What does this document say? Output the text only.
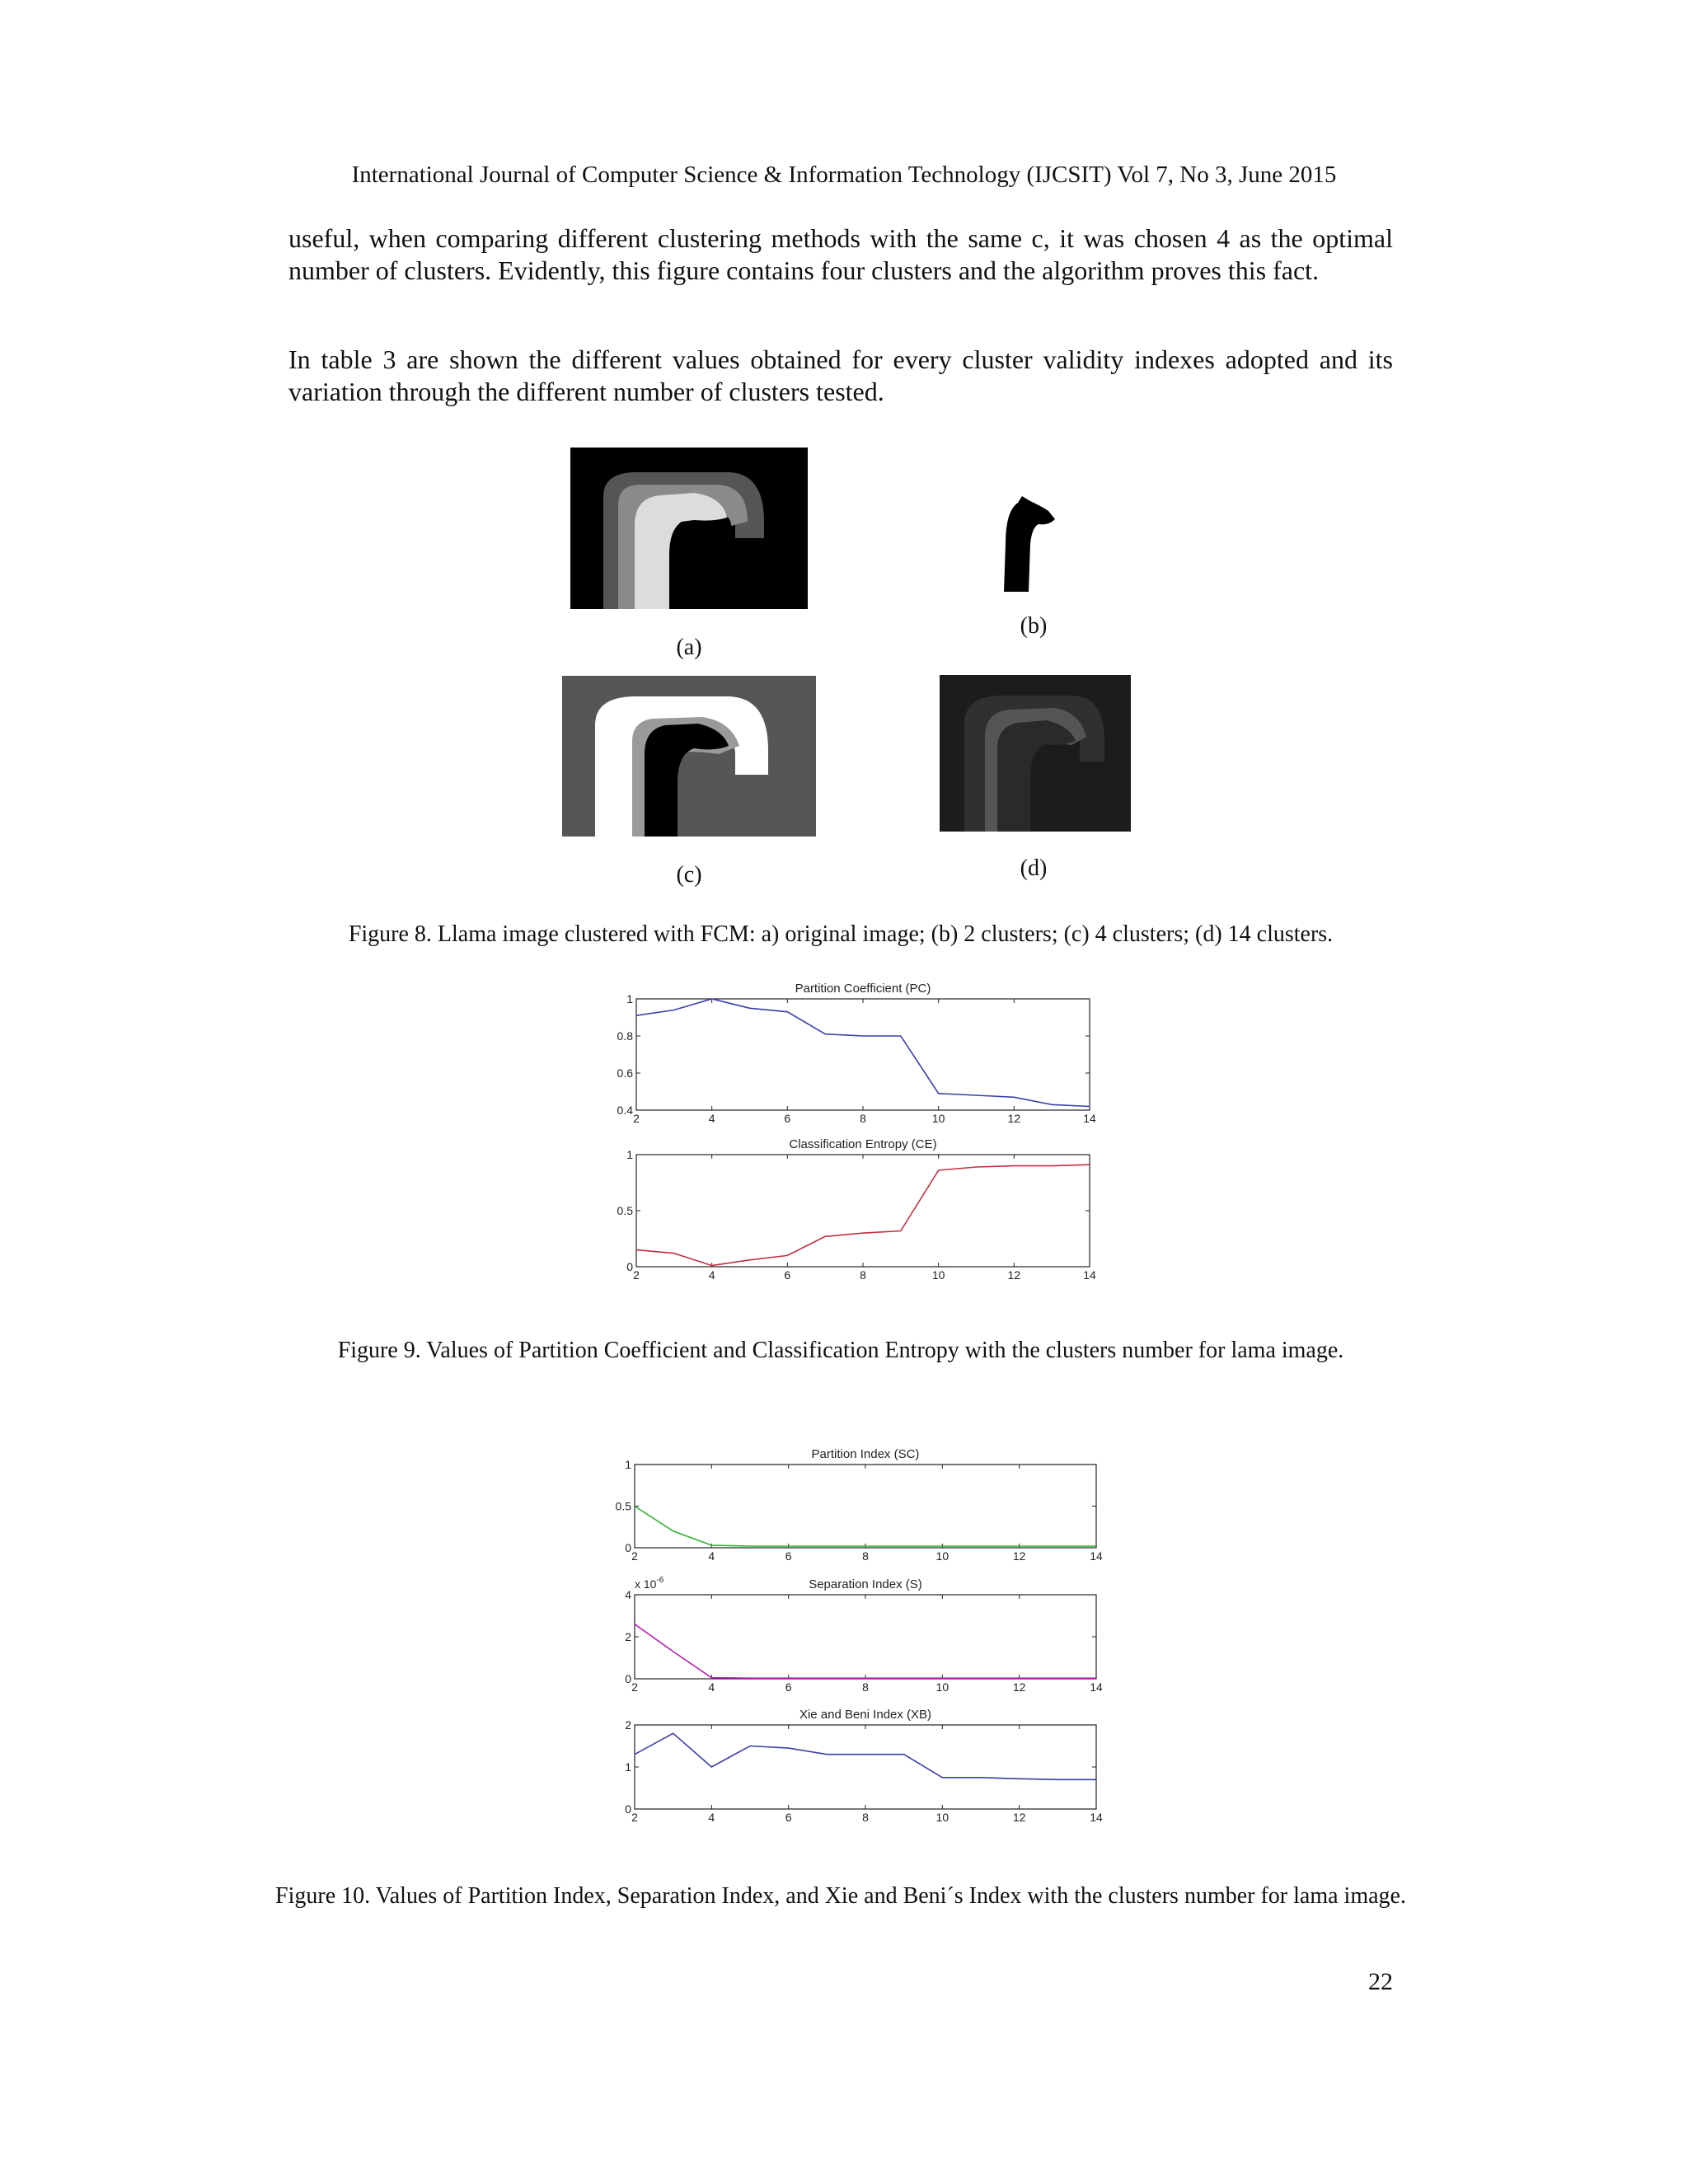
International Journal of Computer Science & Information Technology (IJCSIT) Vol 7, No 3, June 2015
useful, when comparing different clustering methods with the same c, it was chosen 4 as the optimal number of clusters. Evidently, this figure contains four clusters and the algorithm proves this fact.
In table 3 are shown the different values obtained for every cluster validity indexes adopted and its variation through the different number of clusters tested.
(a)
(b)
(c)	(d)
Figure 8. Llama image clustered with FCM: a) original image; (b) 2 clusters; (c) 4 clusters; (d) 14 clusters.
Partition Coefficient (PC)
2	4	6	8	10	12	14
0.4
0.6
0.8
1
Classification Entropy (CE)
2	4	6	8	10	12	14
0
0.5
1
Figure 9. Values of Partition Coefficient and Classification Entropy with the clusters number for lama image.
Partition Index (SC)
2	4	6	8	10	12	14
0
0.5
1
Separation Index (S)
2	4	6	8	10	12	14
0
2
4
Xie and Beni Index (XB)
2	4	6	8	10	12	14
0
1
2
x $10^{-6}$
Figure 10. Values of Partition Index, Separation Index, and Xie and Beni´s Index with the clusters number for lama image.
22
